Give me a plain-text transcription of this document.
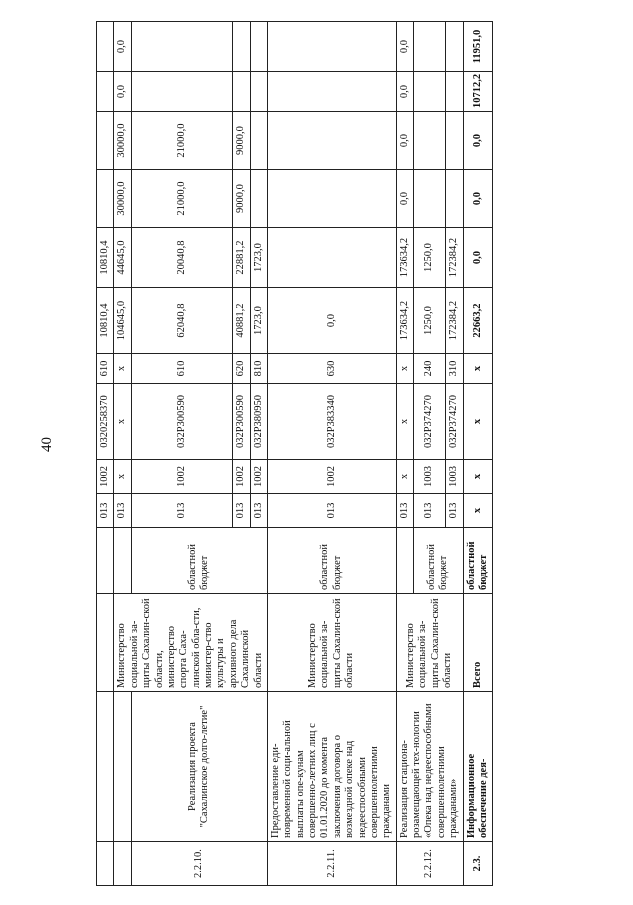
40
				013	1002	0320258370	610	10810,4	10810,4				
		Министерство социальной за-щиты Сахалин-ской области, министерство спорта Саха-линской обла-сти, министер-ство культуры и архивного дела Сахалинской области		013	x	x	x	104645,0	44645,0	30000,0	30000,0	0,0	0,0
2.2.10.	Реализация проекта "Сахалинское долго-летие"		областной бюджет	013	1002	032P300590	610	62040,8	20040,8	21000,0	21000,0		
				013	1002	032P300590	620	40881,2	22881,2	9000,0	9000,0		
				013	1002	032P380950	810	1723,0	1723,0				
2.2.11.	Предоставление еди-новременной соци-альной выплаты опе-кунам совершенно-летних лиц с 01.01.2020 до момента заключения договора о возмездной опеке над недееспособными совершеннолетними гражданами	Министерство социальной за-щиты Сахалин-ской области	областной бюджет	013	1002	032P383340	630	0,0					
2.2.12.	Реализация стациона-розамещающей тех-нологии «Опека над недееспособными совершеннолетними гражданами»	Министерство социальной за-щиты Сахалин-ской области		013	x	x	x	173634,2	173634,2	0,0	0,0	0,0	0,0
			областной бюджет	013	1003	032P374270	240	1250,0	1250,0				
				013	1003	032P374270	310	172384,2	172384,2				
2.3.	Информационное обеспечение дея-	Всего	областной бюджет	x	x	x	x	22663,2	0,0	0,0	0,0	10712,2	11951,0
